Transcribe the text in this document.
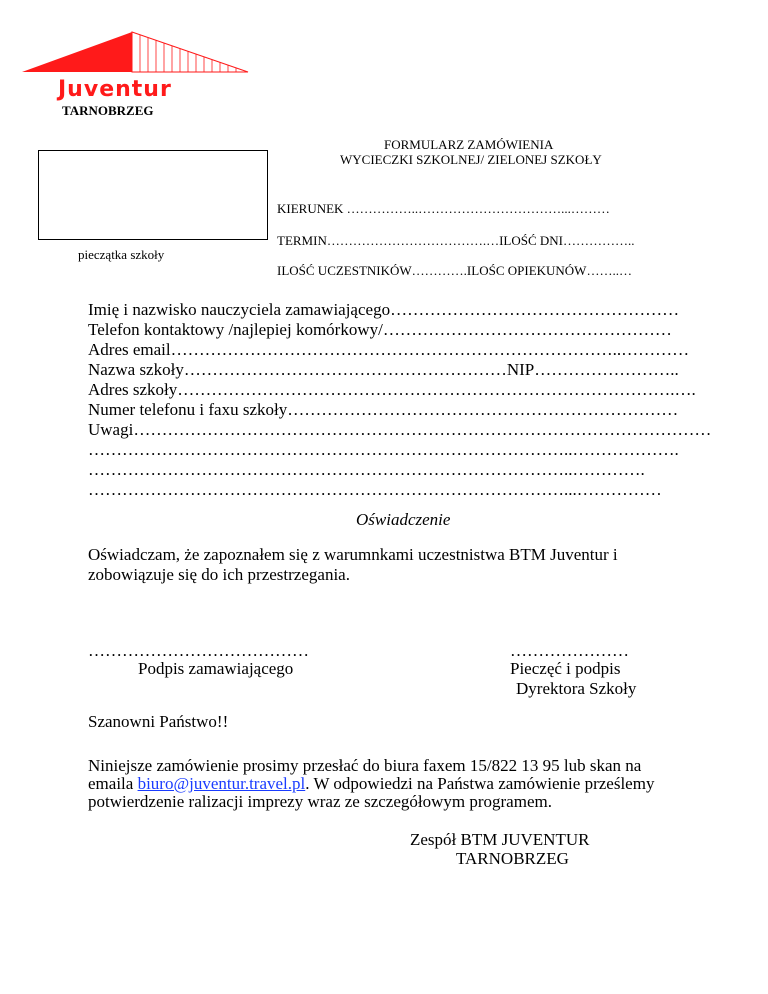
Juventur
TARNOBRZEG
FORMULARZ ZAMÓWIENIA
WYCIECZKI SZKOLNEJ/ ZIELONEJ SZKOŁY
pieczątka szkoły
KIERUNEK ……………..……………………………...………
TERMIN……………………………….…ILOŚĆ DNI……………..
ILOŚĆ UCZESTNIKÓW………….ILOŚC OPIEKUNÓW……..…
Imię i nazwisko nauczyciela zamawiającego……………………………………………
Telefon kontaktowy /najlepiej komórkowy/……………………………………………
Adres email……………………………………………………………………..…………
Nazwa szkoły…………………………………………………NIP……………………..
Adres szkoły…………………………………………………………………………….….
Numer telefonu i faxu szkoły……………………………………………………………
Uwagi…………………………………………………………………………………………
…………………………………………………………………………..……………….
…………………………………………………………………………..………….
…………………………………………………………………………...……………
Oświadczenie
Oświadczam, że zapoznałem się z warumnkami uczestnistwa BTM Juventur i
zobowiązuje się do ich przestrzegania.
…………………………………
Podpis zamawiającego
…………………
Pieczęć i podpis
Dyrektora Szkoły
Szanowni Państwo!!
Niniejsze zamówienie prosimy przesłać do biura faxem 15/822 13 95 lub skan na
emaila biuro@juventur.travel.pl. W odpowiedzi na Państwa zamówienie prześlemy
potwierdzenie ralizacji imprezy wraz ze szczegółowym programem.
Zespół BTM JUVENTUR
TARNOBRZEG
